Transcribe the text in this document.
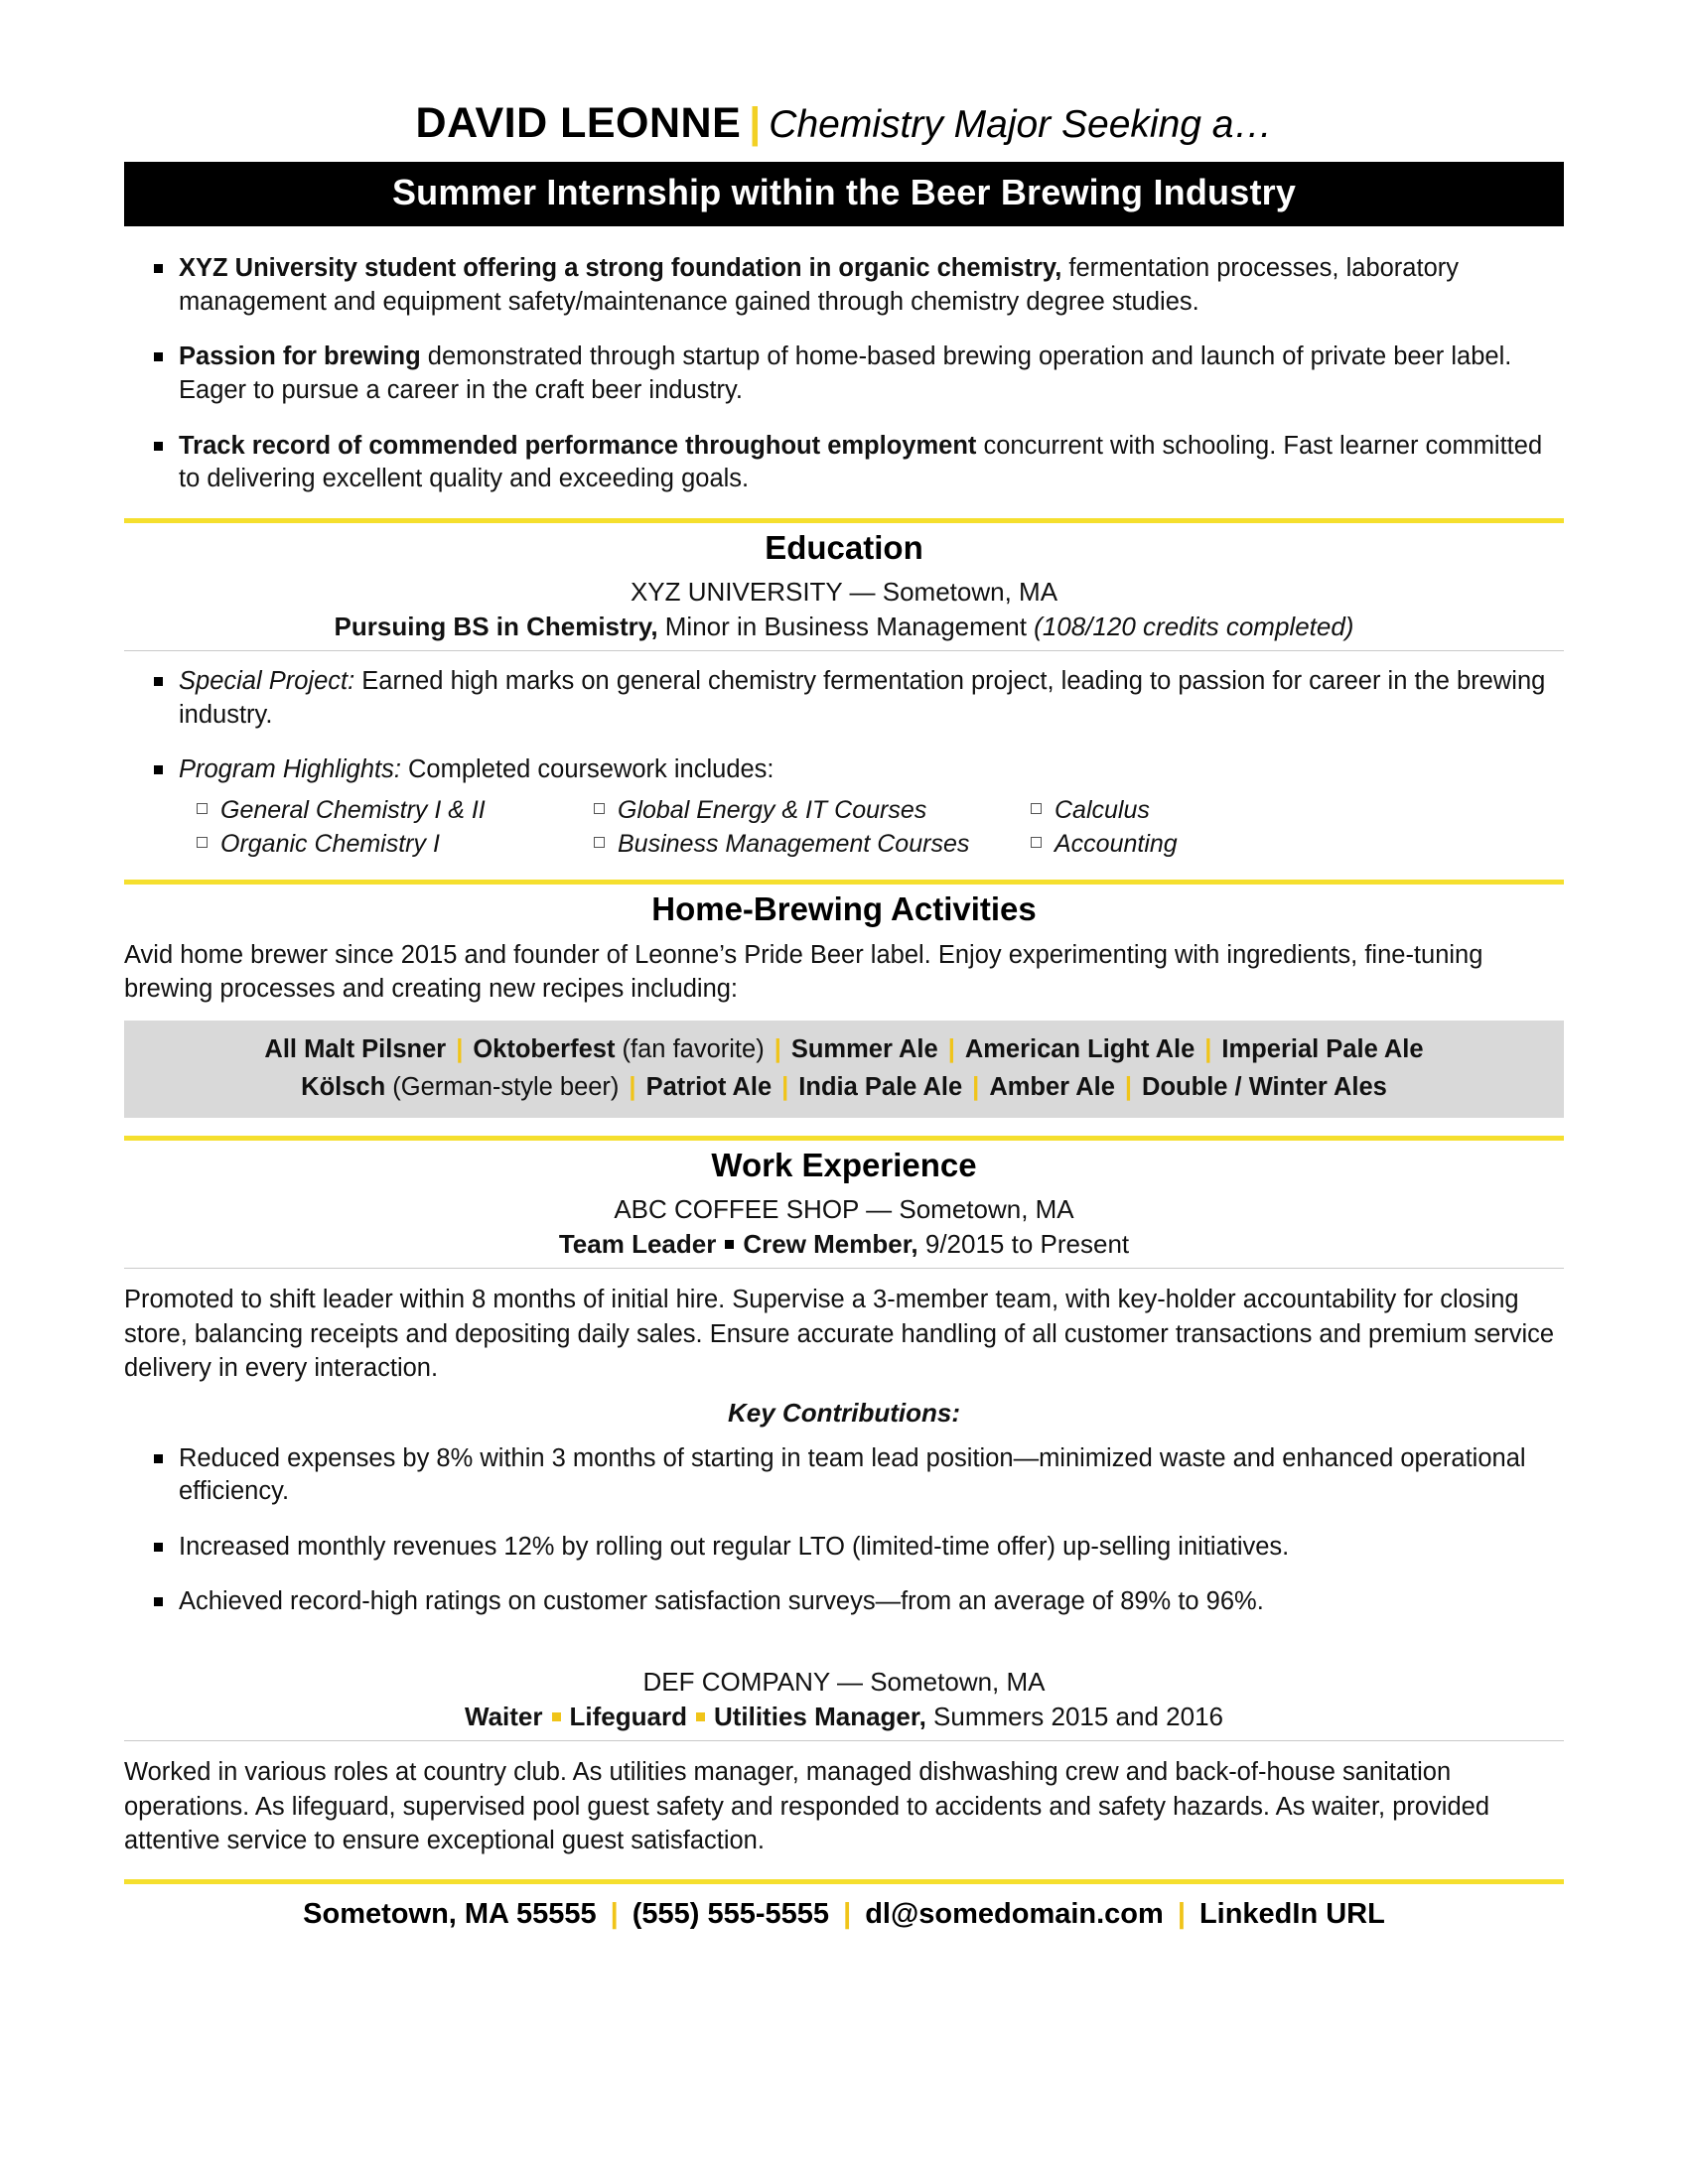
DAVID LEONNE | Chemistry Major Seeking a…
Summer Internship within the Beer Brewing Industry
XYZ University student offering a strong foundation in organic chemistry, fermentation processes, laboratory management and equipment safety/maintenance gained through chemistry degree studies.
Passion for brewing demonstrated through startup of home-based brewing operation and launch of private beer label. Eager to pursue a career in the craft beer industry.
Track record of commended performance throughout employment concurrent with schooling. Fast learner committed to delivering excellent quality and exceeding goals.
Education
XYZ UNIVERSITY — Sometown, MA
Pursuing BS in Chemistry, Minor in Business Management (108/120 credits completed)
Special Project: Earned high marks on general chemistry fermentation project, leading to passion for career in the brewing industry.
Program Highlights: Completed coursework includes:
General Chemistry I & II
Organic Chemistry I
Global Energy & IT Courses
Business Management Courses
Calculus
Accounting
Home-Brewing Activities
Avid home brewer since 2015 and founder of Leonne’s Pride Beer label. Enjoy experimenting with ingredients, fine-tuning brewing processes and creating new recipes including:
All Malt Pilsner | Oktoberfest (fan favorite) | Summer Ale | American Light Ale | Imperial Pale Ale
Kölsch (German-style beer) | Patriot Ale | India Pale Ale | Amber Ale | Double / Winter Ales
Work Experience
ABC COFFEE SHOP — Sometown, MA
Team Leader Crew Member, 9/2015 to Present
Promoted to shift leader within 8 months of initial hire. Supervise a 3-member team, with key-holder accountability for closing store, balancing receipts and depositing daily sales. Ensure accurate handling of all customer transactions and premium service delivery in every interaction.
Key Contributions:
Reduced expenses by 8% within 3 months of starting in team lead position—minimized waste and enhanced operational efficiency.
Increased monthly revenues 12% by rolling out regular LTO (limited-time offer) up-selling initiatives.
Achieved record-high ratings on customer satisfaction surveys—from an average of 89% to 96%.
DEF COMPANY — Sometown, MA
Waiter Lifeguard Utilities Manager, Summers 2015 and 2016
Worked in various roles at country club. As utilities manager, managed dishwashing crew and back-of-house sanitation operations. As lifeguard, supervised pool guest safety and responded to accidents and safety hazards. As waiter, provided attentive service to ensure exceptional guest satisfaction.
Sometown, MA 55555 | (555) 555-5555 | dl@somedomain.com | LinkedIn URL
